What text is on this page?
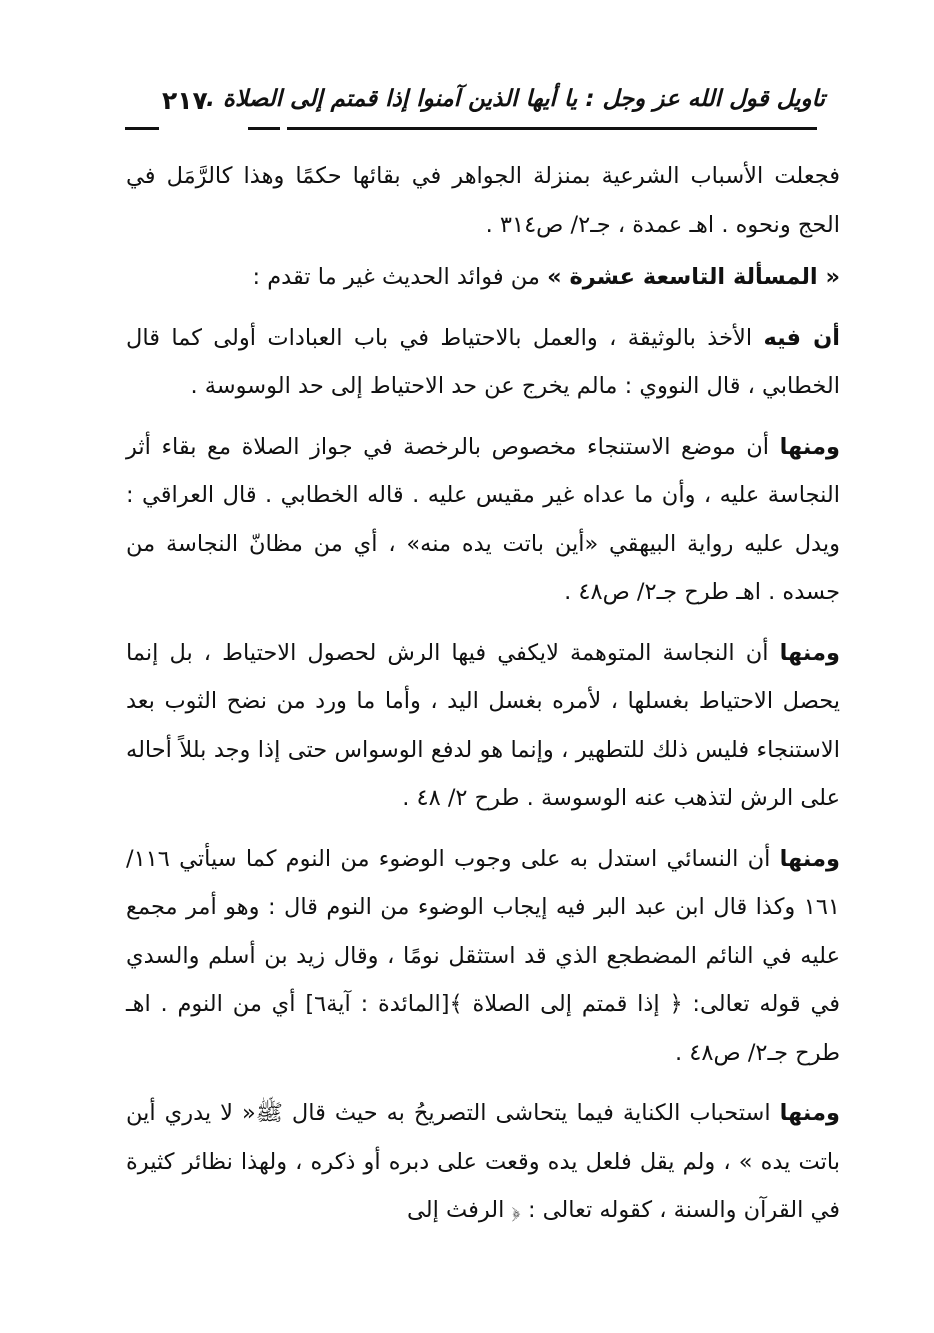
تاويل قول الله عز وجل : يا أيها الذين آمنوا إذا قمتم إلى الصلاة ..
٢١٧

فجعلت الأسباب الشرعية بمنزلة الجواهر في بقائها حكمًا وهذا كالرَّمَل في الحج ونحوه . اهـ عمدة ، جـ٢/ ص٣١٤ .

« المسألة التاسعة عشرة » من فوائد الحديث غير ما تقدم :

أن فيه الأخذ بالوثيقة ، والعمل بالاحتياط في باب العبادات أولى كما قال الخطابي ، قال النووي : مالم يخرج عن حد الاحتياط إلى حد الوسوسة .

ومنها أن موضع الاستنجاء مخصوص بالرخصة في جواز الصلاة مع بقاء أثر النجاسة عليه ، وأن ما عداه غير مقيس عليه . قاله الخطابي . قال العراقي : ويدل عليه رواية البيهقي «أين باتت يده منه» ، أي من مظانّ النجاسة من جسده . اهـ طرح جـ٢/ ص٤٨ .

ومنها أن النجاسة المتوهمة لايكفي فيها الرش لحصول الاحتياط ، بل إنما يحصل الاحتياط بغسلها ، لأمره بغسل اليد ، وأما ما ورد من نضح الثوب بعد الاستنجاء فليس ذلك للتطهير ، وإنما هو لدفع الوسواس حتى إذا وجد بللاً أحاله على الرش لتذهب عنه الوسوسة . طرح ٢/ ٤٨ .

ومنها أن النسائي استدل به على وجوب الوضوء من النوم كما سيأتي ١١٦/ ١٦١ وكذا قال ابن عبد البر فيه إيجاب الوضوء من النوم قال : وهو أمر مجمع عليه في النائم المضطجع الذي قد استثقل نومًا ، وقال زيد بن أسلم والسدي في قوله تعالى: ﴿ إذا قمتم إلى الصلاة ﴾[المائدة : آية٦] أي من النوم . اهـ طرح جـ٢/ ص٤٨ .

ومنها استحباب الكناية فيما يتحاشى التصريحُ به حيث قال ﷺ« لا يدري أين باتت يده » ، ولم يقل فلعل يده وقعت على دبره أو ذكره ، ولهذا نظائر كثيرة في القرآن والسنة ، كقوله تعالى : ﴿ الرفث إلى
